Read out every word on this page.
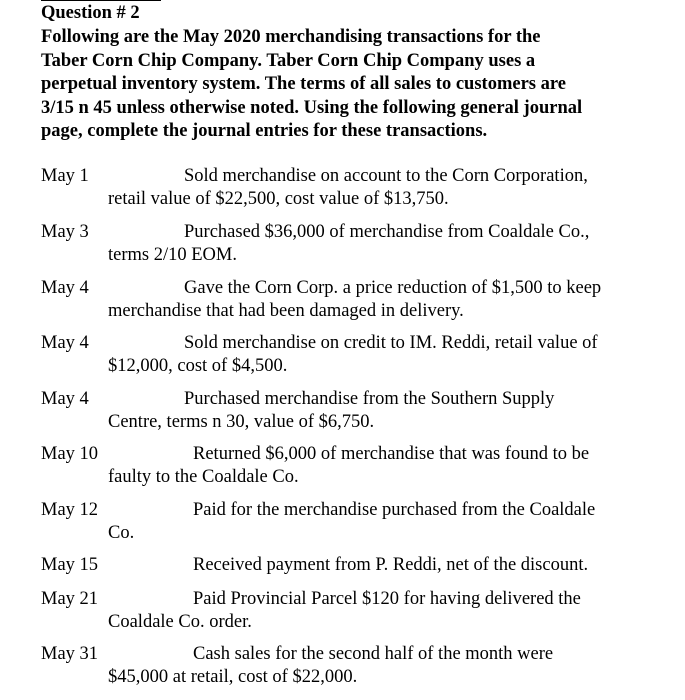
Question # 2
Following are the May 2020 merchandising transactions for the
Taber Corn Chip Company. Taber Corn Chip Company uses a
perpetual inventory system. The terms of all sales to customers are
3/15 n 45 unless otherwise noted. Using the following general journal
page, complete the journal entries for these transactions.
May 1	Sold merchandise on account to the Corn Corporation,
retail value of $22,500, cost value of $13,750.
May 3	Purchased $36,000 of merchandise from Coaldale Co.,
terms 2/10 EOM.
May 4	Gave the Corn Corp. a price reduction of $1,500 to keep
merchandise that had been damaged in delivery.
May 4	Sold merchandise on credit to IM. Reddi, retail value of
$12,000, cost of $4,500.
May 4	Purchased merchandise from the Southern Supply
Centre, terms n 30, value of $6,750.
May 10	Returned $6,000 of merchandise that was found to be
faulty to the Coaldale Co.
May 12	Paid for the merchandise purchased from the Coaldale
Co.
May 15	Received payment from P. Reddi, net of the discount.
May 21	Paid Provincial Parcel $120 for having delivered the
Coaldale Co. order.
May 31	Cash sales for the second half of the month were
$45,000 at retail, cost of $22,000.
